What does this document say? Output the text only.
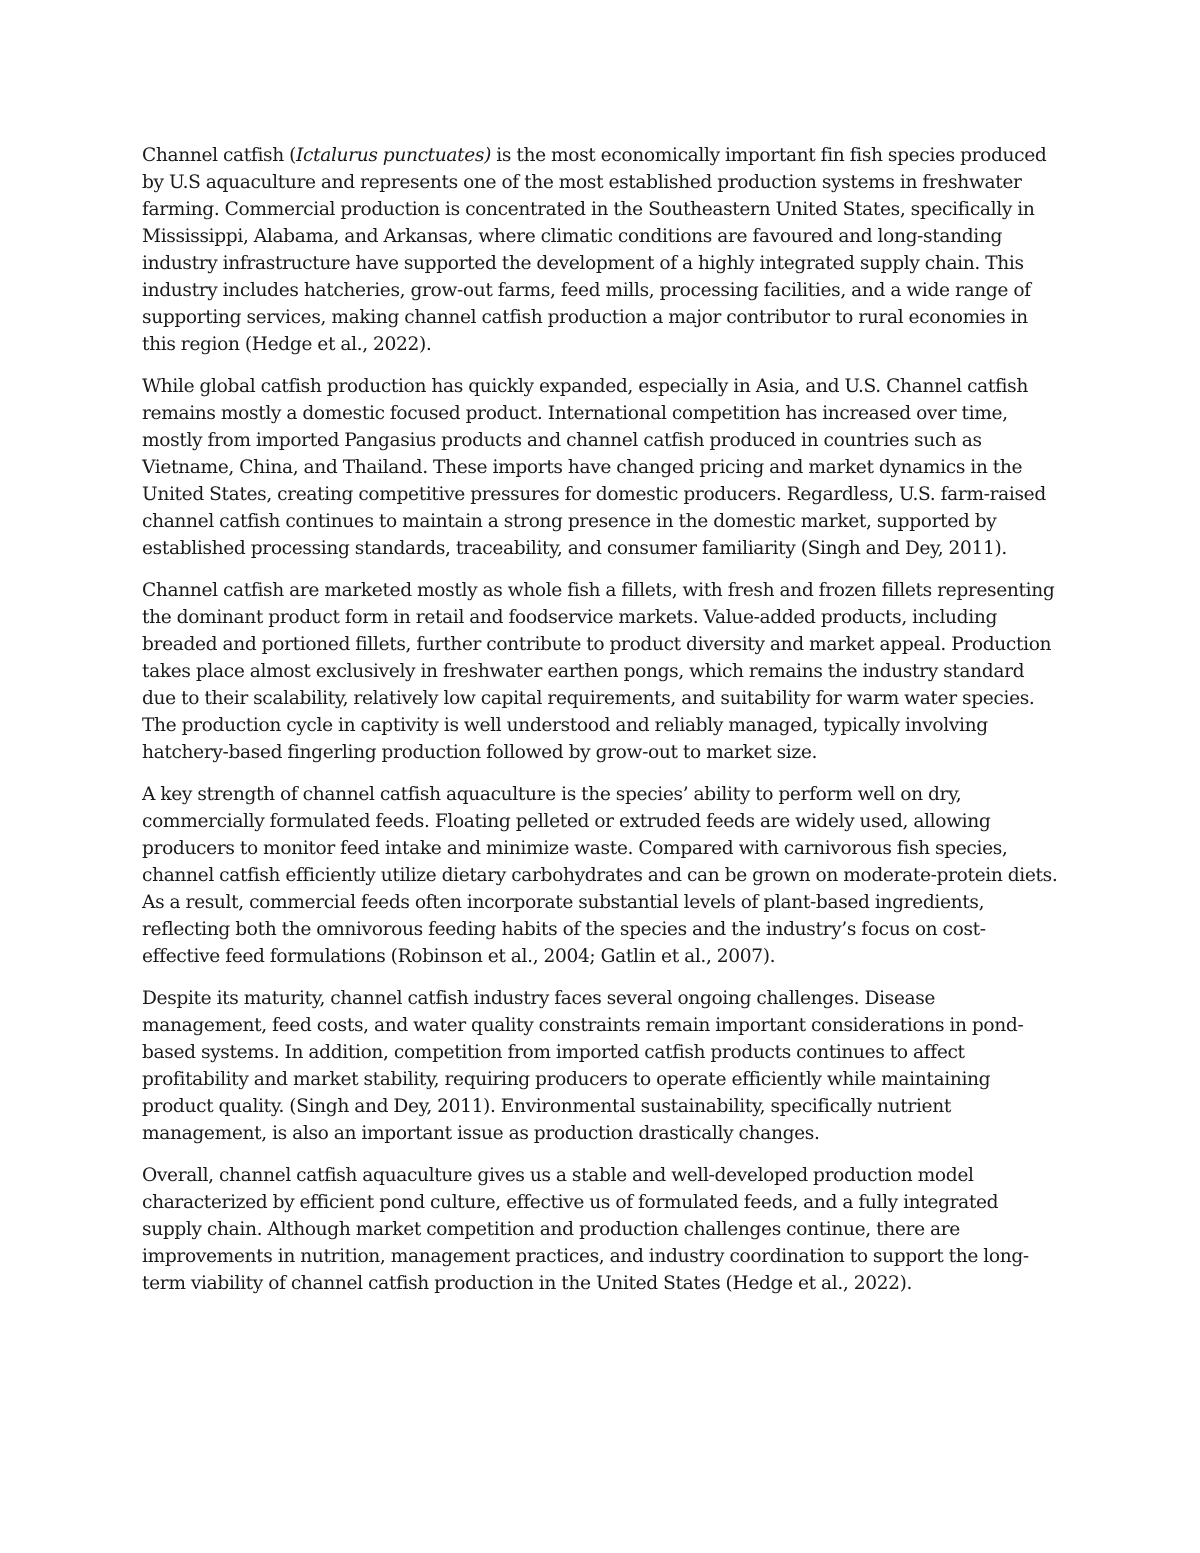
Channel catfish (Ictalurus punctuates) is the most economically important fin fish species produced by U.S aquaculture and represents one of the most established production systems in freshwater farming. Commercial production is concentrated in the Southeastern United States, specifically in Mississippi, Alabama, and Arkansas, where climatic conditions are favoured and long-standing industry infrastructure have supported the development of a highly integrated supply chain. This industry includes hatcheries, grow-out farms, feed mills, processing facilities, and a wide range of supporting services, making channel catfish production a major contributor to rural economies in this region (Hedge et al., 2022).

While global catfish production has quickly expanded, especially in Asia, and U.S. Channel catfish remains mostly a domestic focused product. International competition has increased over time, mostly from imported Pangasius products and channel catfish produced in countries such as Vietname, China, and Thailand. These imports have changed pricing and market dynamics in the United States, creating competitive pressures for domestic producers. Regardless, U.S. farm-raised channel catfish continues to maintain a strong presence in the domestic market, supported by established processing standards, traceability, and consumer familiarity (Singh and Dey, 2011).

Channel catfish are marketed mostly as whole fish a fillets, with fresh and frozen fillets representing the dominant product form in retail and foodservice markets. Value-added products, including breaded and portioned fillets, further contribute to product diversity and market appeal. Production takes place almost exclusively in freshwater earthen pongs, which remains the industry standard due to their scalability, relatively low capital requirements, and suitability for warm water species. The production cycle in captivity is well understood and reliably managed, typically involving hatchery-based fingerling production followed by grow-out to market size.

A key strength of channel catfish aquaculture is the species’ ability to perform well on dry, commercially formulated feeds. Floating pelleted or extruded feeds are widely used, allowing producers to monitor feed intake and minimize waste. Compared with carnivorous fish species, channel catfish efficiently utilize dietary carbohydrates and can be grown on moderate-protein diets. As a result, commercial feeds often incorporate substantial levels of plant-based ingredients, reflecting both the omnivorous feeding habits of the species and the industry’s focus on cost-effective feed formulations (Robinson et al., 2004; Gatlin et al., 2007).

Despite its maturity, channel catfish industry faces several ongoing challenges. Disease management, feed costs, and water quality constraints remain important considerations in pond-based systems. In addition, competition from imported catfish products continues to affect profitability and market stability, requiring producers to operate efficiently while maintaining product quality. (Singh and Dey, 2011). Environmental sustainability, specifically nutrient management, is also an important issue as production drastically changes.

Overall, channel catfish aquaculture gives us a stable and well-developed production model characterized by efficient pond culture, effective us of formulated feeds, and a fully integrated supply chain. Although market competition and production challenges continue, there are improvements in nutrition, management practices, and industry coordination to support the long-term viability of channel catfish production in the United States (Hedge et al., 2022).
